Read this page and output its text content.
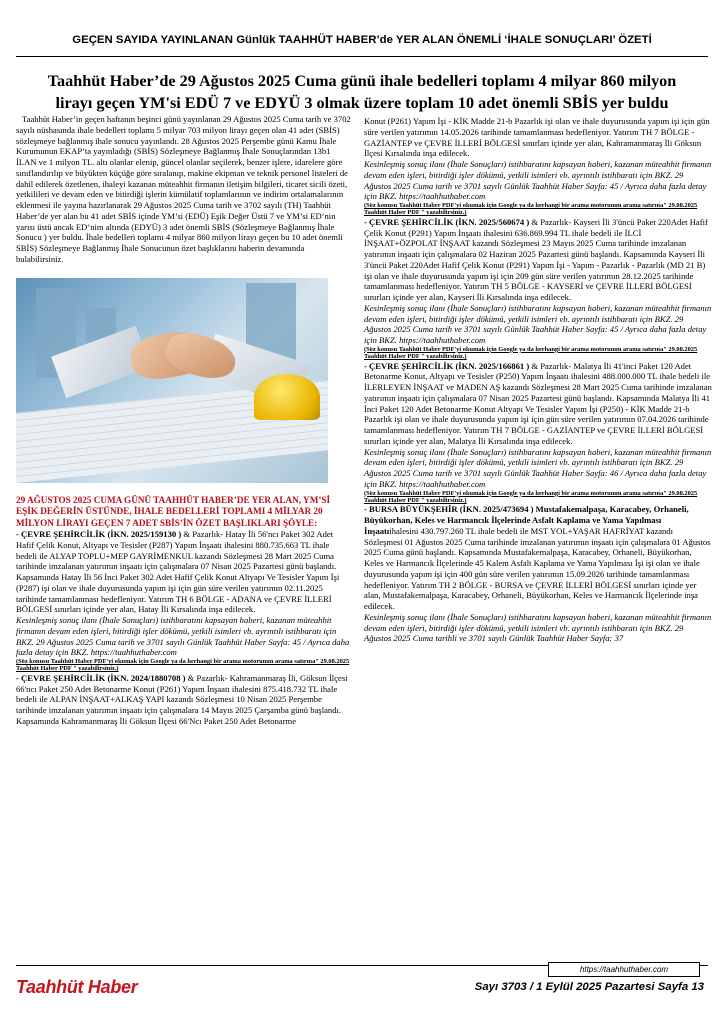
GEÇEN SAYIDA YAYINLANAN Günlük TAAHHÜT HABER’de YER ALAN ÖNEMLİ ‘İHALE SONUÇLARI’ ÖZETİ
Taahhüt Haber’de 29 Ağustos 2025 Cuma günü ihale bedelleri toplamı 4 milyar 860 milyon
lirayı geçen YM'si EDÜ 7 ve EDYÜ 3 olmak üzere toplam 10 adet önemli SBİS yer buldu

Taahhüt Haber’in geçen haftanın beşinci günü yayınlanan 29 Ağustos 2025 Cuma tarih ve 3702 sayılı nüshasında ihale bedelleri toplamı 5 milyar 703 milyon lirayı geçen olan 41 adet (SBİS) sözleşmeye bağlanmış ihale sonucu yayınlandı. 28 Ağustos 2025 Perşembe günü Kamu İhale Kurumunun EKAP’ta yayınladığı (SBİS) Sözleşmeye Bağlanmış İhale Sonuçlarından 13b1 İLAN ve 1 milyon TL. altı olanlar elenip, güncel olanlar seçilerek, benzer işlere, idarelere göre sınıflandırılıp ve büyükten küçüğe göre sıralanıp, makine ekipman ve teknik personel listeleri de dahil edilerek özetlenen, ihaleyi kazanan müteahhit firmanın iletişim bilgileri, ticaret sicili özeti, yetkilileri ve devam eden ve bitirdiği işlerin kümülatif toplamlarının ve indirim ortalamalarının eklenmesi ile yayına hazırlanarak 29 Ağustos 2025 Cuma tarih ve 3702 sayılı (TH) Taahhüt Haber’de yer alan bu 41 adet SBİS içinde YM’si (EDÜ) Eşik Değer Üstü 7 ve YM’si ED’nin yarısı üstü ancak ED’nim altında (EDYÜ) 3 adet önemli SBİS (Sözleşmeye Bağlanmış İhale Sonucu ) yer buldu. İhale bedelleri toplamı 4 milyar 860 milyon lirayı geçen bu 10 adet önemli SBİS) Sözleşmeye Bağlanmış İhale Sonucunun özet başlıklarını haberin devamında bulabilirsiniz.

29 AĞUSTOS 2025 CUMA GÜNÜ TAAHHÜT HABER’DE YER ALAN, YM’Sİ EŞİK DEĞERİN ÜSTÜNDE, İHALE BEDELLERİ TOPLAMI 4 MİLYAR 20 MİLYON LİRAYI GEÇEN 7 ADET SBİS’İN ÖZET BAŞLIKLARI ŞÖYLE:

- ÇEVRE ŞEHİRCİLİK (İKN. 2025/159130 ) & Pazarlık- Hatay İli 56'ncı Paket 302 Adet Hafif Çelik Konut, Altyapı ve Tesisler (P287) Yapım İnşaatı ihalesini 880.735.663 TL ihale bedeli ile ALYAP TOPLU+MEP GAYRİMENKUL kazandı Sözleşmesi 28 Mart 2025 Cuma tarihinde imzalanan yatırımın inşaatı için çalışmalara 07 Nisan 2025 Pazartesi günü başlandı. Kapsamında Hatay İli 56 İnci Paket 302 Adet Hafif Çelik Konut Altyapı Ve Tesisler Yapım İşi (P287) işi olan ve ihale duyurusunda yapım işi için gün süre verilen yatırımın 02.11.2025 tarihinde tamamlanması hedefleniyor. Yatırım TH 6 BÖLGE - ADANA ve ÇEVRE İLLERİ BÖLGESİ sınırları içinde yer alan, Hatay İli Kırsalında inşa edilecek.

Kesinleşmiş sonuç ilanı (İhale Sonuçları) istihbaratını kapsayan haberi, kazanan müteahhit firmanın devam eden işleri, bitirdiği işler dökümü, yetkili isimleri vb. ayrıntılı istihbaratı için BKZ. 29 Ağustos 2025 Cuma tarih ve 3701 sayılı Günlük Taahhüt Haber Sayfa: 45 / Ayrıca daha fazla detay için BKZ. https://taahhuthaber.com

(Söz konusu Taahhüt Haber PDF'yi okumak için Google ya da herhangi bir arama motorunun arama satırına" 29.08.2025 Taahhüt Haber PDF " yazabilirsiniz.)

- ÇEVRE ŞEHİRCİLİK (İKN. 2024/1880708 ) & Pazarlık- Kahramanmaraş İli, Göksun İlçesi 66'ncı Paket 250 Adet Betonarme Konut (P261) Yapım İnşaatı ihalesini 875.418.732 TL ihale bedeli ile ALPAN İNŞAAT+ALKAŞ YAPI kazandı Sözleşmesi 10 Nisan 2025 Perşembe tarihinde imzalanan yatırımın inşaatı için çalışmalara 14 Mayıs 2025 Çarşamba günü başlandı. Kapsamında Kahramanmaraş İli Göksun İlçesi 66'Ncı Paket 250 Adet Betonarme
Konut (P261) Yapım İşi - KİK Madde 21-b Pazarlık işi olan ve ihale duyurusunda yapım işi için gün süre verilen yatırımın 14.05.2026 tarihinde tamamlanması hedefleniyor. Yatırım TH 7 BÖLGE - GAZİANTEP ve ÇEVRE İLLERİ BÖLGESİ sınırları içinde yer alan, Kahramanmaraş İli Göksun İlçesi Kırsalında inşa edilecek.

Kesinleşmiş sonuç ilanı (İhale Sonuçları) istihbaratını kapsayan haberi, kazanan müteahhit firmanın devam eden işleri, bitirdiği işler dökümü, yetkili isimleri vb. ayrıntılı istihbaratı için BKZ. 29 Ağustos 2025 Cuma tarih ve 3701 sayılı Günlük Taahhüt Haber Sayfa: 45 / Ayrıca daha fazla detay için BKZ. https://taahhuthaber.com

(Söz konusu Taahhüt Haber PDF'yi okumak için Google ya da herhangi bir arama motorunun arama satırına" 29.08.2025 Taahhüt Haber PDF " yazabilirsiniz.)

- ÇEVRE ŞEHİRCİLİK (İKN. 2025/560674 ) & Pazarlık- Kayseri İli 3'üncü Paket 220Adet Hafif Çelik Konut (P291) Yapım İnşaatı ihalesini 636.869.994 TL ihale bedeli ile İLCİ İNŞAAT+ÖZPOLAT İNŞAAT kazandı Sözleşmesi 23 Mayıs 2025 Cuma tarihinde imzalanan yatırımın inşaatı için çalışmalara 02 Haziran 2025 Pazartesi günü başlandı. Kapsamında Kayseri İli 3'üncü Paket 220Adet Hafif Çelik Konut (P291) Yapım İşi - Yapım - Pazarlık - Pazarlık (MD 21 B) işi olan ve ihale duyurusunda yapım işi için 209 gün süre verilen yatırımın 28.12.2025 tarihinde tamamlanması hedefleniyor. Yatırım TH 5 BÖLGE - KAYSERİ ve ÇEVRE İLLERİ BÖLGESİ sınırları içinde yer alan, Kayseri İli Kırsalında inşa edilecek.

Kesinleşmiş sonuç ilanı (İhale Sonuçları) istihbaratını kapsayan haberi, kazanan müteahhit firmanın devam eden işleri, bitirdiği işler dökümü, yetkili isimleri vb. ayrıntılı istihbaratı için BKZ. 29 Ağustos 2025 Cuma tarih ve 3701 sayılı Günlük Taahhüt Haber Sayfa: 45 / Ayrıca daha fazla detay için BKZ. https://taahhuthaber.com

(Söz konusu Taahhüt Haber PDF'yi okumak için Google ya da herhangi bir arama motorunun arama satırına" 29.08.2025 Taahhüt Haber PDF " yazabilirsiniz.)

- ÇEVRE ŞEHİRCİLİK (İKN. 2025/166861 ) & Pazarlık- Malatya İli 41'inci Paket 120 Adet Betonarme Konut, Altyapı ve Tesisler (P250) Yapım İnşaatı ihalesini 488.000.000 TL ihale bedeli ile İLERLEYEN İNŞAAT ve MADEN AŞ kazandı Sözleşmesi 28 Mart 2025 Cuma tarihinde imzalanan yatırımın inşaatı için çalışmalara 07 Nisan 2025 Pazartesi günü başlandı. Kapsamında Malatya İli 41 İnci Paket 120 Adet Betonarme Konut Altyapı Ve Tesisler Yapım İşi (P250) - KİK Madde 21-b Pazarlık işi olan ve ihale duyurusunda yapım işi için gün süre verilen yatırımın 07.04.2026 tarihinde tamamlanması hedefleniyor. Yatırım TH 7 BÖLGE - GAZİANTEP ve ÇEVRE İLLERİ BÖLGESİ sınırları içinde yer alan, Malatya İli Kırsalında inşa edilecek.

Kesinleşmiş sonuç ilanı (İhale Sonuçları) istihbaratını kapsayan haberi, kazanan müteahhit firmanın devam eden işleri, bitirdiği işler dökümü, yetkili isimleri vb. ayrıntılı istihbaratı için BKZ. 29 Ağustos 2025 Cuma tarih ve 3701 sayılı Günlük Taahhüt Haber Sayfa: 46 / Ayrıca daha fazla detay için BKZ. https://taahhuthaber.com

(Söz konusu Taahhüt Haber PDF'yi okumak için Google ya da herhangi bir arama motorunun arama satırına" 29.08.2025 Taahhüt Haber PDF " yazabilirsiniz.)

- BURSA BÜYÜKŞEHİR (İKN. 2025/473694 ) Mustafakemalpaşa, Karacabey, Orhaneli, Büyükorhan, Keles ve Harmancık İlçelerinde Asfalt Kaplama ve Yama Yapılması İnşaatıihalesini 430.797.260 TL ihale bedeli ile MST YOL+YAŞAR HAFRİYAT kazandı Sözleşmesi 01 Ağustos 2025 Cuma tarihinde imzalanan yatırımın inşaatı için çalışmalara 01 Ağustos 2025 Cuma günü başlandı. Kapsamında Mustafakemalpaşa, Karacabey, Orhaneli, Büyükorhan, Keles ve Harmancık İlçelerinde 45 Kalem Asfalt Kaplama ve Yama Yapılması İşi işi olan ve ihale duyurusunda yapım işi için 400 gün süre verilen yatırımın 15.09.2026 tarihinde tamamlanması hedefleniyor. Yatırım TH 2 BÖLGE - BURSA ve ÇEVRE İLLERİ BÖLGESİ sınırları içinde yer alan, Mustafakemalpaşa, Karacabey, Orhaneli, Büyükorhan, Keles ve Harmancık İlçelerinde inşa edilecek.

Kesinleşmiş sonuç ilanı (İhale Sonuçları) istihbaratını kapsayan haberi, kazanan müteahhit firmanın devam eden işleri, bitirdiği işler dökümü, yetkili isimleri vb. ayrıntılı istihbaratı için BKZ. 29 Ağustos 2025 Cuma tarihli ve 3701 sayılı Günlük Taahhüt Haber Sayfa: 37

https://taahhuthaber.com
Taahhüt Haber	Sayı 3703 / 1 Eylül 2025 Pazartesi Sayfa 13
